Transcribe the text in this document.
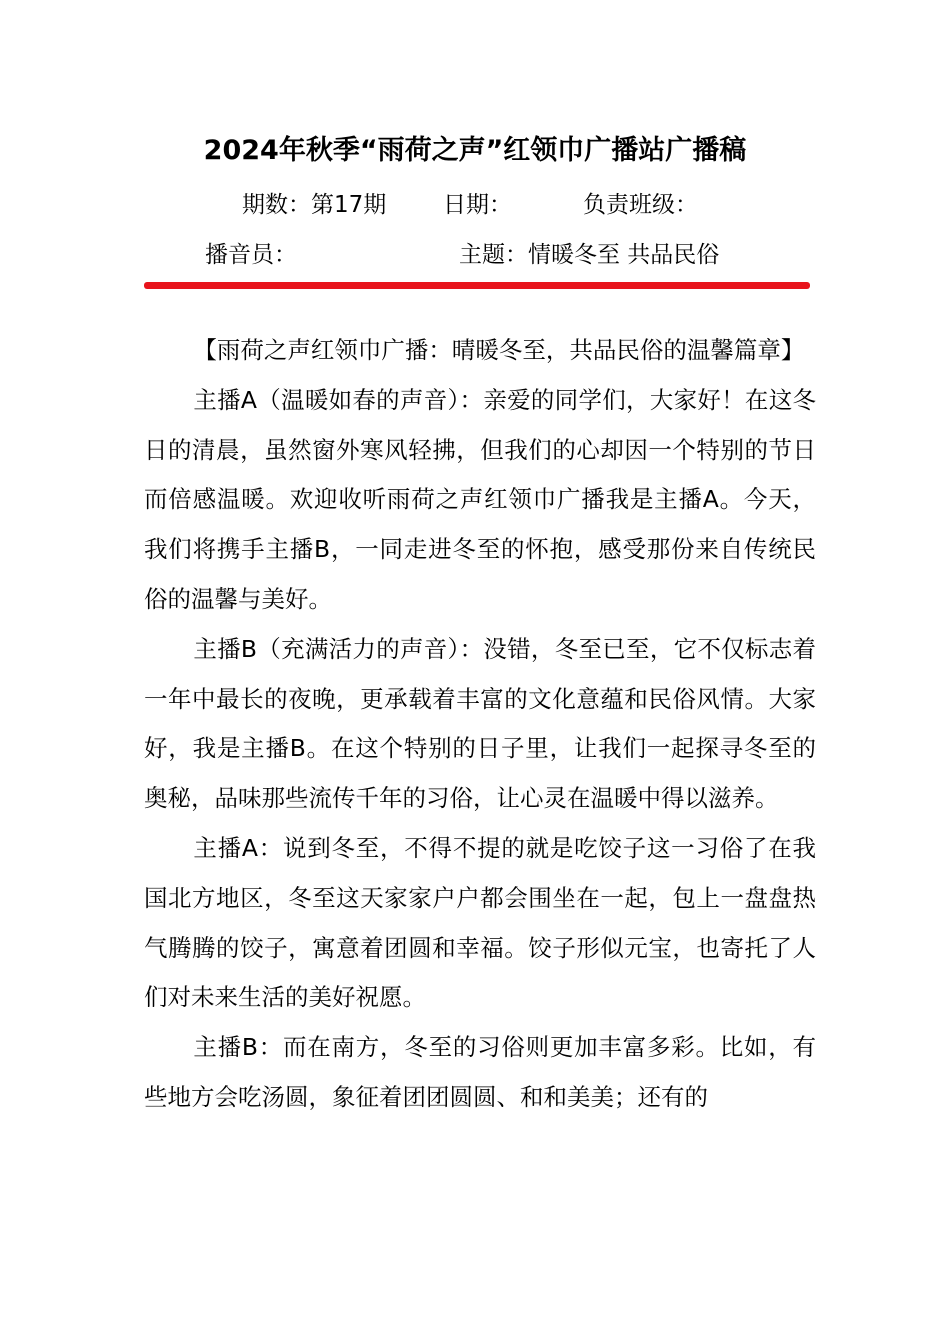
2024年秋季“雨荷之声”红领巾广播站广播稿
期数：第17期 日期：	负责班级：
播音员：	主题：情暖冬至 共品民俗

【雨荷之声红领巾广播：晴暖冬至，共品民俗的温馨篇章】

主播A（温暖如春的声音）：亲爱的同学们，大家好！在这冬日的清晨，虽然窗外寒风轻拂，但我们的心却因一个特别的节日而倍感温暖。欢迎收听雨荷之声红领巾广播我是主播A。今天，我们将携手主播B，一同走进冬至的怀抱，感受那份来自传统民俗的温馨与美好。

主播B（充满活力的声音）：没错，冬至已至，它不仅标志着一年中最长的夜晚，更承载着丰富的文化意蕴和民俗风情。大家好，我是主播B。在这个特别的日子里，让我们一起探寻冬至的奥秘，品味那些流传千年的习俗，让心灵在温暖中得以滋养。

主播A：说到冬至，不得不提的就是吃饺子这一习俗了在我国北方地区，冬至这天家家户户都会围坐在一起，包上一盘盘热气腾腾的饺子，寓意着团圆和幸福。饺子形似元宝，也寄托了人们对未来生活的美好祝愿。

主播B：而在南方，冬至的习俗则更加丰富多彩。比如，有些地方会吃汤圆，象征着团团圆圆、和和美美；还有的
